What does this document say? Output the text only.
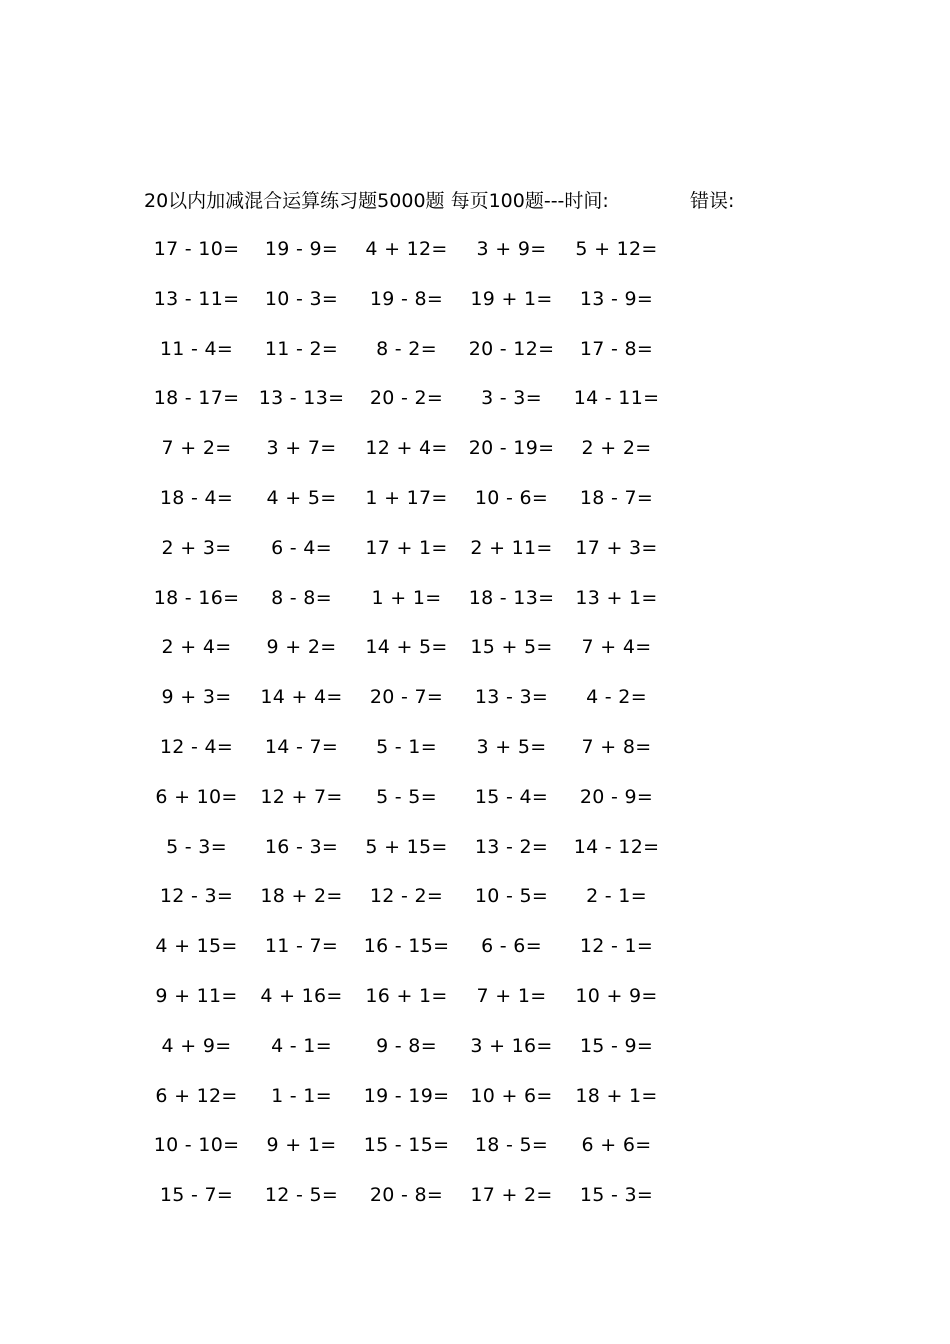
20以内加减混合运算练习题5000题 每页100题---时间:	错误:
17 - 10=	19 - 9=	4 + 12=	3 + 9=	5 + 12=
13 - 11=	10 - 3=	19 - 8=	19 + 1=	13 - 9=
11 - 4=	11 - 2=	8 - 2=	20 - 12=	17 - 8=
18 - 17=	13 - 13=	20 - 2=	3 - 3=	14 - 11=
7 + 2=	3 + 7=	12 + 4=	20 - 19=	2 + 2=
18 - 4=	4 + 5=	1 + 17=	10 - 6=	18 - 7=
2 + 3=	6 - 4=	17 + 1=	2 + 11=	17 + 3=
18 - 16=	8 - 8=	1 + 1=	18 - 13=	13 + 1=
2 + 4=	9 + 2=	14 + 5=	15 + 5=	7 + 4=
9 + 3=	14 + 4=	20 - 7=	13 - 3=	4 - 2=
12 - 4=	14 - 7=	5 - 1=	3 + 5=	7 + 8=
6 + 10=	12 + 7=	5 - 5=	15 - 4=	20 - 9=
5 - 3=	16 - 3=	5 + 15=	13 - 2=	14 - 12=
12 - 3=	18 + 2=	12 - 2=	10 - 5=	2 - 1=
4 + 15=	11 - 7=	16 - 15=	6 - 6=	12 - 1=
9 + 11=	4 + 16=	16 + 1=	7 + 1=	10 + 9=
4 + 9=	4 - 1=	9 - 8=	3 + 16=	15 - 9=
6 + 12=	1 - 1=	19 - 19=	10 + 6=	18 + 1=
10 - 10=	9 + 1=	15 - 15=	18 - 5=	6 + 6=
15 - 7=	12 - 5=	20 - 8=	17 + 2=	15 - 3=
